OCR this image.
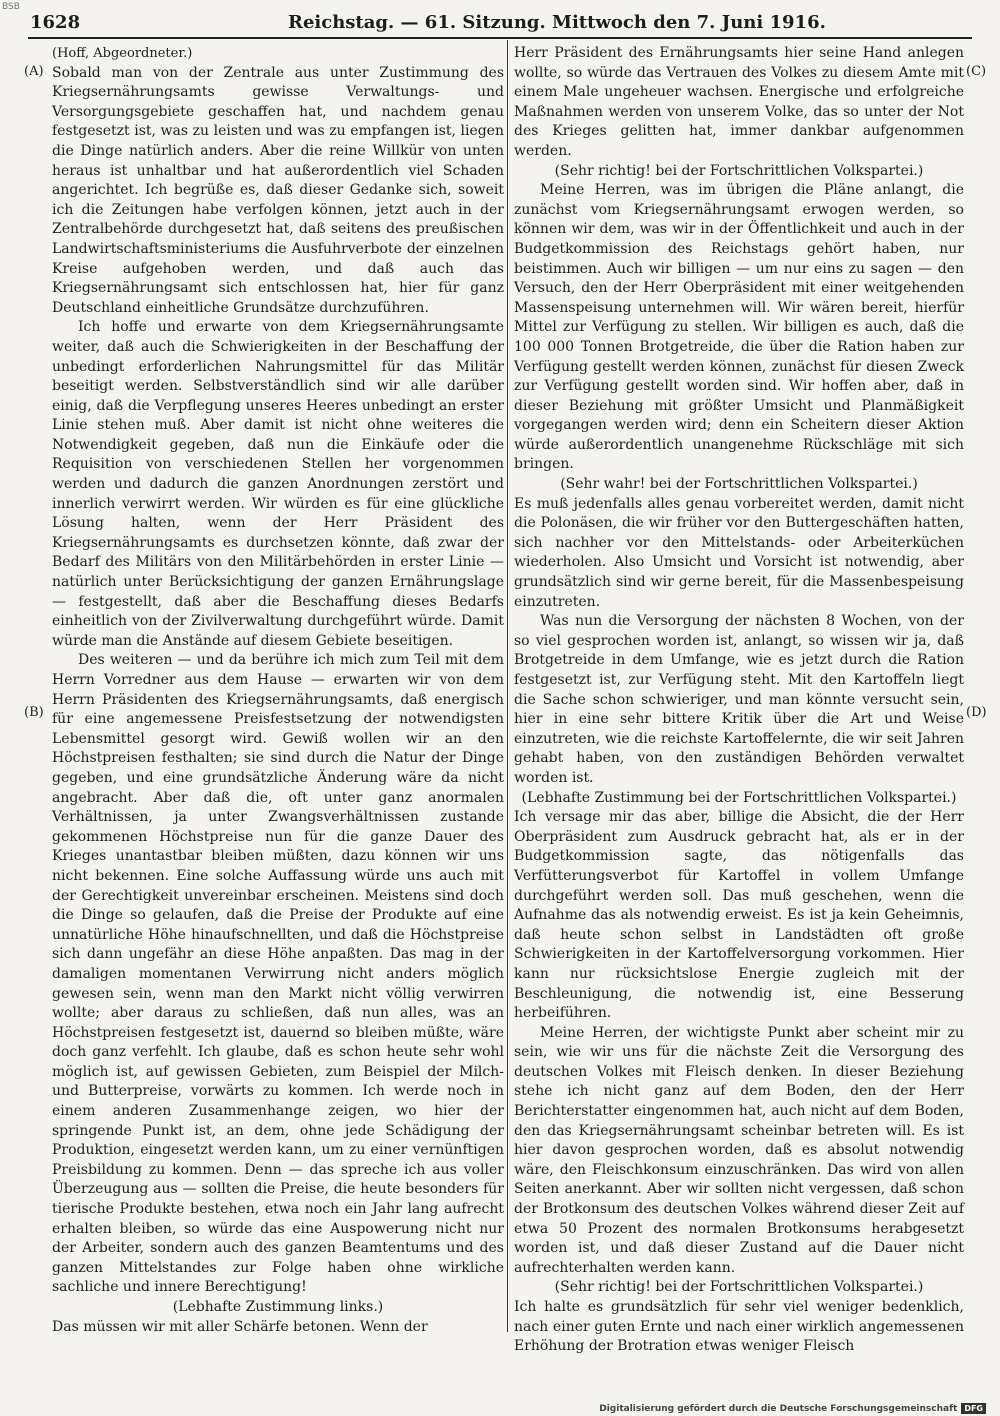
BSB
1628	Reichstag. — 61. Sitzung. Mittwoch den 7. Juni 1916.
(A)
(B)
(C)
(D)

(Hoff, Abgeordneter.)

Sobald man von der Zentrale aus unter Zustimmung des Kriegsernährungsamts gewisse Verwaltungs- und Versorgungsgebiete geschaffen hat, und nachdem genau festgesetzt ist, was zu leisten und was zu empfangen ist, liegen die Dinge natürlich anders. Aber die reine Willkür von unten heraus ist unhaltbar und hat außerordentlich viel Schaden angerichtet. Ich begrüße es, daß dieser Gedanke sich, soweit ich die Zeitungen habe verfolgen können, jetzt auch in der Zentralbehörde durchgesetzt hat, daß seitens des preußischen Landwirtschaftsministeriums die Ausfuhrverbote der einzelnen Kreise aufgehoben werden, und daß auch das Kriegsernährungsamt sich entschlossen hat, hier für ganz Deutschland einheitliche Grundsätze durchzuführen.

Ich hoffe und erwarte von dem Kriegsernährungsamte weiter, daß auch die Schwierigkeiten in der Beschaffung der unbedingt erforderlichen Nahrungsmittel für das Militär beseitigt werden. Selbstverständlich sind wir alle darüber einig, daß die Verpflegung unseres Heeres unbedingt an erster Linie stehen muß. Aber damit ist nicht ohne weiteres die Notwendigkeit gegeben, daß nun die Einkäufe oder die Requisition von verschiedenen Stellen her vorgenommen werden und dadurch die ganzen Anordnungen zerstört und innerlich verwirrt werden. Wir würden es für eine glückliche Lösung halten, wenn der Herr Präsident des Kriegsernährungsamts es durchsetzen könnte, daß zwar der Bedarf des Militärs von den Militärbehörden in erster Linie — natürlich unter Berücksichtigung der ganzen Ernährungslage — festgestellt, daß aber die Beschaffung dieses Bedarfs einheitlich von der Zivilverwaltung durchgeführt würde. Damit würde man die Anstände auf diesem Gebiete beseitigen.

Des weiteren — und da berühre ich mich zum Teil mit dem Herrn Vorredner aus dem Hause — erwarten wir von dem Herrn Präsidenten des Kriegsernährungsamts, daß energisch für eine angemessene Preisfestsetzung der notwendigsten Lebensmittel gesorgt wird. Gewiß wollen wir an den Höchstpreisen festhalten; sie sind durch die Natur der Dinge gegeben, und eine grundsätzliche Änderung wäre da nicht angebracht. Aber daß die, oft unter ganz anormalen Verhältnissen, ja unter Zwangsverhältnissen zustande gekommenen Höchstpreise nun für die ganze Dauer des Krieges unantastbar bleiben müßten, dazu können wir uns nicht bekennen. Eine solche Auffassung würde uns auch mit der Gerechtigkeit unvereinbar erscheinen. Meistens sind doch die Dinge so gelaufen, daß die Preise der Produkte auf eine unnatürliche Höhe hinaufschnellten, und daß die Höchstpreise sich dann ungefähr an diese Höhe anpaßten. Das mag in der damaligen momentanen Verwirrung nicht anders möglich gewesen sein, wenn man den Markt nicht völlig verwirren wollte; aber daraus zu schließen, daß nun alles, was an Höchstpreisen festgesetzt ist, dauernd so bleiben müßte, wäre doch ganz verfehlt. Ich glaube, daß es schon heute sehr wohl möglich ist, auf gewissen Gebieten, zum Beispiel der Milch- und Butterpreise, vorwärts zu kommen. Ich werde noch in einem anderen Zusammenhange zeigen, wo hier der springende Punkt ist, an dem, ohne jede Schädigung der Produktion, eingesetzt werden kann, um zu einer vernünftigen Preisbildung zu kommen. Denn — das spreche ich aus voller Überzeugung aus — sollten die Preise, die heute besonders für tierische Produkte bestehen, etwa noch ein Jahr lang aufrecht erhalten bleiben, so würde das eine Auspowerung nicht nur der Arbeiter, sondern auch des ganzen Beamtentums und des ganzen Mittelstandes zur Folge haben ohne wirkliche sachliche und innere Berechtigung!

(Lebhafte Zustimmung links.)

Das müssen wir mit aller Schärfe betonen. Wenn der

Herr Präsident des Ernährungsamts hier seine Hand anlegen wollte, so würde das Vertrauen des Volkes zu diesem Amte mit einem Male ungeheuer wachsen. Energische und erfolgreiche Maßnahmen werden von unserem Volke, das so unter der Not des Krieges gelitten hat, immer dankbar aufgenommen werden.

(Sehr richtig! bei der Fortschrittlichen Volkspartei.)

Meine Herren, was im übrigen die Pläne anlangt, die zunächst vom Kriegsernährungsamt erwogen werden, so können wir dem, was wir in der Öffentlichkeit und auch in der Budgetkommission des Reichstags gehört haben, nur beistimmen. Auch wir billigen — um nur eins zu sagen — den Versuch, den der Herr Oberpräsident mit einer weitgehenden Massenspeisung unternehmen will. Wir wären bereit, hierfür Mittel zur Verfügung zu stellen. Wir billigen es auch, daß die 100 000 Tonnen Brotgetreide, die über die Ration haben zur Verfügung gestellt werden können, zunächst für diesen Zweck zur Verfügung gestellt worden sind. Wir hoffen aber, daß in dieser Beziehung mit größter Umsicht und Planmäßigkeit vorgegangen werden wird; denn ein Scheitern dieser Aktion würde außerordentlich unangenehme Rückschläge mit sich bringen.

(Sehr wahr! bei der Fortschrittlichen Volkspartei.)

Es muß jedenfalls alles genau vorbereitet werden, damit nicht die Polonäsen, die wir früher vor den Buttergeschäften hatten, sich nachher vor den Mittelstands- oder Arbeiterküchen wiederholen. Also Umsicht und Vorsicht ist notwendig, aber grundsätzlich sind wir gerne bereit, für die Massenbespeisung einzutreten.

Was nun die Versorgung der nächsten 8 Wochen, von der so viel gesprochen worden ist, anlangt, so wissen wir ja, daß Brotgetreide in dem Umfange, wie es jetzt durch die Ration festgesetzt ist, zur Verfügung steht. Mit den Kartoffeln liegt die Sache schon schwieriger, und man könnte versucht sein, hier in eine sehr bittere Kritik über die Art und Weise einzutreten, wie die reichste Kartoffelernte, die wir seit Jahren gehabt haben, von den zuständigen Behörden verwaltet worden ist.

(Lebhafte Zustimmung bei der Fortschrittlichen Volkspartei.)

Ich versage mir das aber, billige die Absicht, die der Herr Oberpräsident zum Ausdruck gebracht hat, als er in der Budgetkommission sagte, das nötigenfalls das Verfütterungsverbot für Kartoffel in vollem Umfange durchgeführt werden soll. Das muß geschehen, wenn die Aufnahme das als notwendig erweist. Es ist ja kein Geheimnis, daß heute schon selbst in Landstädten oft große Schwierigkeiten in der Kartoffelversorgung vorkommen. Hier kann nur rücksichtslose Energie zugleich mit der Beschleunigung, die notwendig ist, eine Besserung herbeiführen.

Meine Herren, der wichtigste Punkt aber scheint mir zu sein, wie wir uns für die nächste Zeit die Versorgung des deutschen Volkes mit Fleisch denken. In dieser Beziehung stehe ich nicht ganz auf dem Boden, den der Herr Berichterstatter eingenommen hat, auch nicht auf dem Boden, den das Kriegsernährungsamt scheinbar betreten will. Es ist hier davon gesprochen worden, daß es absolut notwendig wäre, den Fleischkonsum einzuschränken. Das wird von allen Seiten anerkannt. Aber wir sollten nicht vergessen, daß schon der Brotkonsum des deutschen Volkes während dieser Zeit auf etwa 50 Prozent des normalen Brotkonsums herabgesetzt worden ist, und daß dieser Zustand auf die Dauer nicht aufrechterhalten werden kann.

(Sehr richtig! bei der Fortschrittlichen Volkspartei.)

Ich halte es grundsätzlich für sehr viel weniger bedenklich, nach einer guten Ernte und nach einer wirklich angemessenen Erhöhung der Brotration etwas weniger Fleisch

Digitalisierung gefördert durch die Deutsche Forschungsgemeinschaft DFG
